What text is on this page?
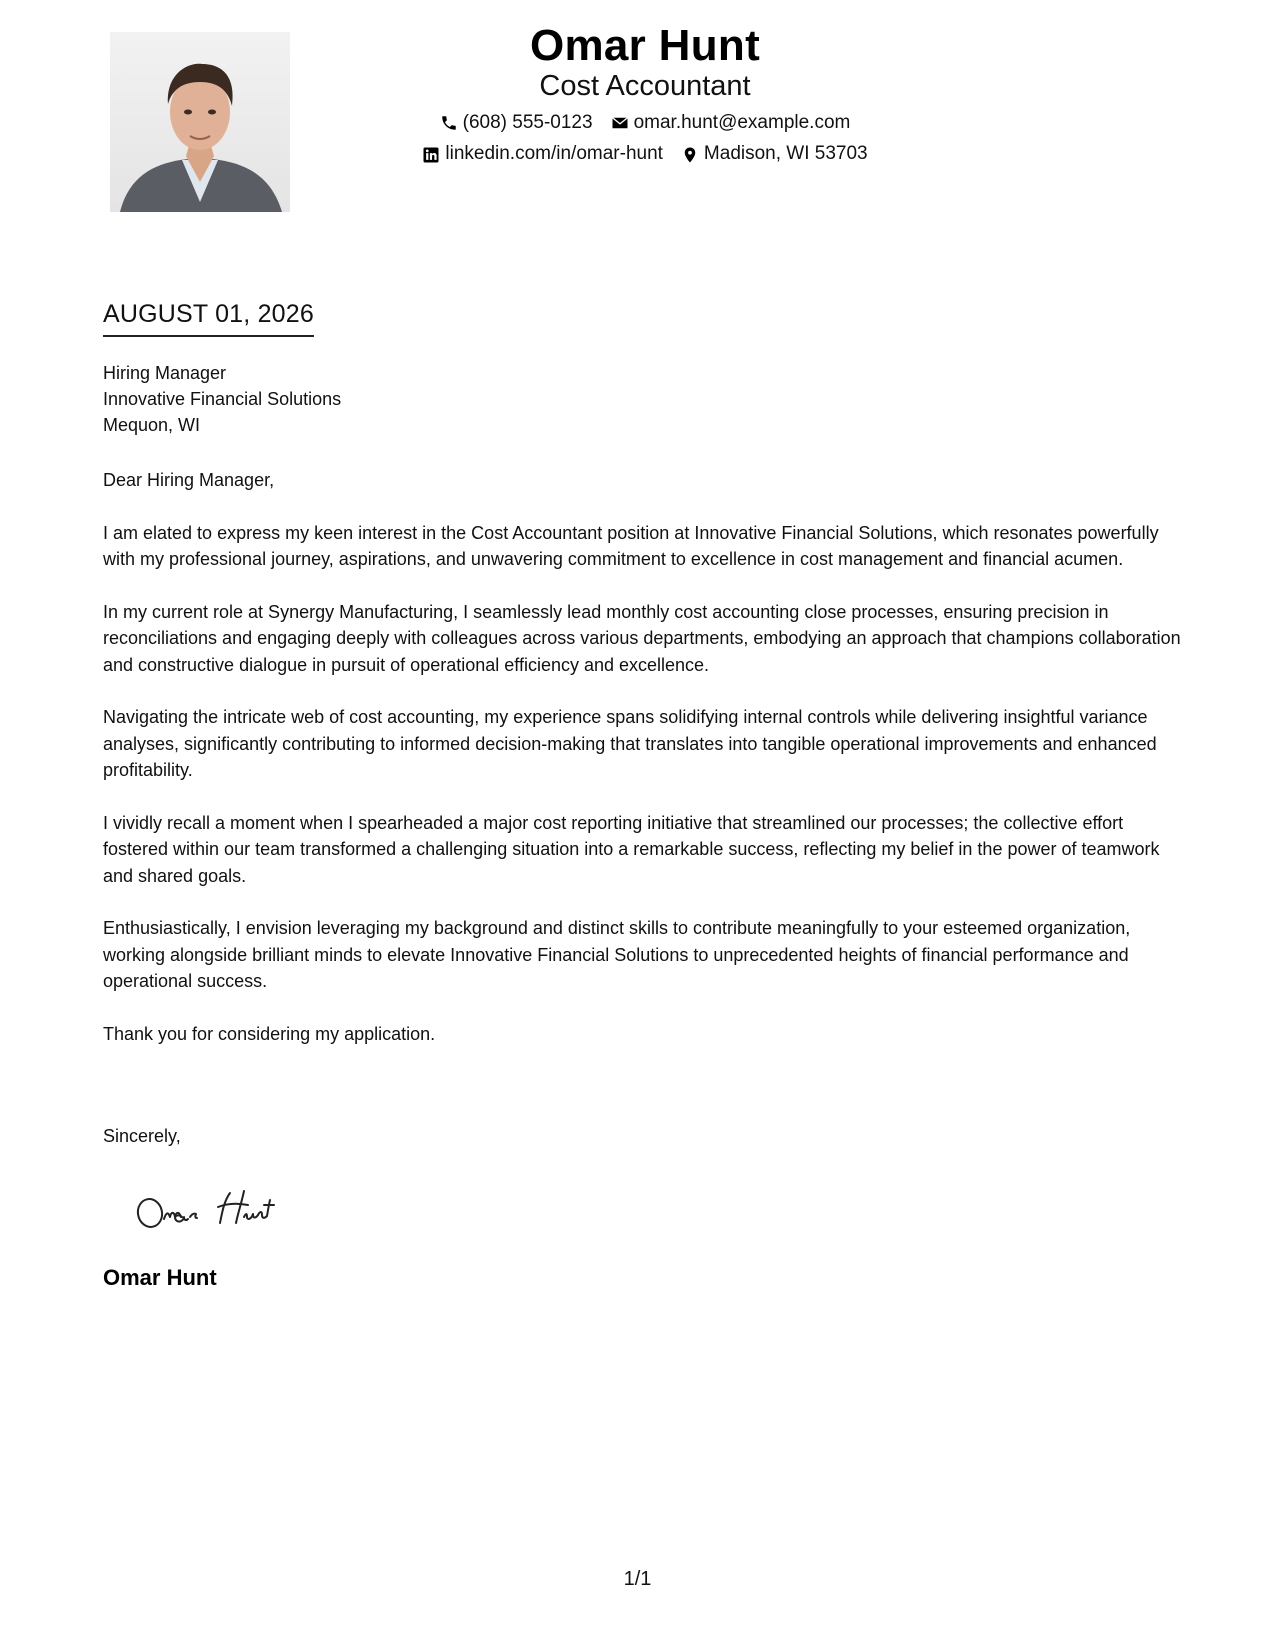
Omar Hunt
Cost Accountant
(608) 555-0123 omar.hunt@example.com
linkedin.com/in/omar-hunt Madison, WI 53703
AUGUST 01, 2026
Hiring Manager
Innovative Financial Solutions
Mequon, WI
Dear Hiring Manager,

I am elated to express my keen interest in the Cost Accountant position at Innovative Financial Solutions, which resonates powerfully with my professional journey, aspirations, and unwavering commitment to excellence in cost management and financial acumen.

In my current role at Synergy Manufacturing, I seamlessly lead monthly cost accounting close processes, ensuring precision in reconciliations and engaging deeply with colleagues across various departments, embodying an approach that champions collaboration and constructive dialogue in pursuit of operational efficiency and excellence.

Navigating the intricate web of cost accounting, my experience spans solidifying internal controls while delivering insightful variance analyses, significantly contributing to informed decision-making that translates into tangible operational improvements and enhanced profitability.

I vividly recall a moment when I spearheaded a major cost reporting initiative that streamlined our processes; the collective effort fostered within our team transformed a challenging situation into a remarkable success, reflecting my belief in the power of teamwork and shared goals.

Enthusiastically, I envision leveraging my background and distinct skills to contribute meaningfully to your esteemed organization, working alongside brilliant minds to elevate Innovative Financial Solutions to unprecedented heights of financial performance and operational success.

Thank you for considering my application.

Sincerely,
Omar Hunt
1/1
